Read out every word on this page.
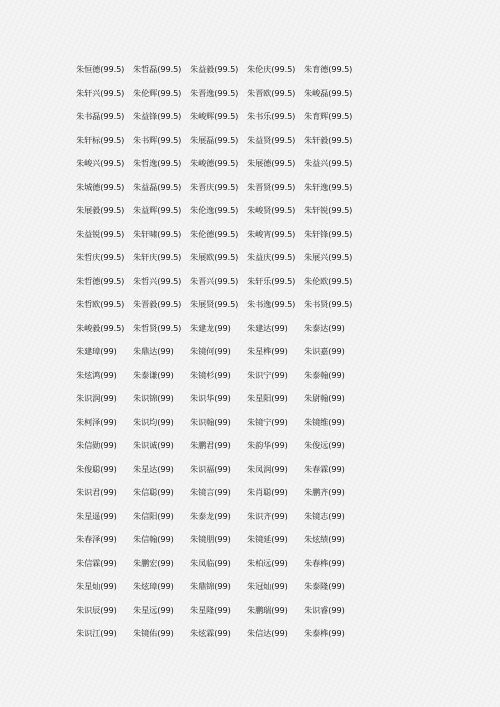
朱恒德(99.5)	朱哲磊(99.5)	朱益毅(99.5)	朱伦庆(99.5)	朱育德(99.5)
朱轩兴(99.5)	朱伦辉(99.5)	朱晋逸(99.5)	朱晋欧(99.5)	朱峻磊(99.5)
朱书磊(99.5)	朱益锋(99.5)	朱峻辉(99.5)	朱书乐(99.5)	朱育辉(99.5)
朱轩标(99.5)	朱书辉(99.5)	朱展磊(99.5)	朱益贤(99.5)	朱轩毅(99.5)
朱峻兴(99.5)	朱哲逸(99.5)	朱峻德(99.5)	朱展德(99.5)	朱益兴(99.5)
朱城德(99.5)	朱益磊(99.5)	朱晋庆(99.5)	朱晋贤(99.5)	朱轩逸(99.5)
朱展毅(99.5)	朱益辉(99.5)	朱伦逸(99.5)	朱峻贤(99.5)	朱轩锐(99.5)
朱益锐(99.5)	朱轩啸(99.5)	朱伦德(99.5)	朱峻宵(99.5)	朱轩锋(99.5)
朱哲庆(99.5)	朱轩庆(99.5)	朱展欧(99.5)	朱益庆(99.5)	朱展兴(99.5)
朱哲德(99.5)	朱哲兴(99.5)	朱晋兴(99.5)	朱轩乐(99.5)	朱伦欧(99.5)
朱哲欧(99.5)	朱晋毅(99.5)	朱展贤(99.5)	朱书逸(99.5)	朱书贤(99.5)
朱峻毅(99.5)	朱哲贤(99.5)	朱建龙(99)	朱建达(99)	朱泰达(99)
朱建璋(99)	朱鼎达(99)	朱镜何(99)	朱星桦(99)	朱识嘉(99)
朱炫鸿(99)	朱泰谦(99)	朱镜杉(99)	朱识宁(99)	朱泰翰(99)
朱识润(99)	朱识锦(99)	朱识华(99)	朱星阳(99)	朱尉翰(99)
朱柯泽(99)	朱识均(99)	朱识翰(99)	朱镜宁(99)	朱镜维(99)
朱信勋(99)	朱识诚(99)	朱鹏君(99)	朱韵华(99)	朱俊远(99)
朱俊聪(99)	朱星达(99)	朱识福(99)	朱凤润(99)	朱春霖(99)
朱识君(99)	朱信聪(99)	朱镜言(99)	朱肖聪(99)	朱鹏齐(99)
朱星遥(99)	朱信阳(99)	朱泰龙(99)	朱识齐(99)	朱镜志(99)
朱春泽(99)	朱信翰(99)	朱镜朋(99)	朱镜延(99)	朱炫绩(99)
朱信霖(99)	朱鹏宏(99)	朱凤临(99)	朱柏远(99)	朱春桦(99)
朱星灿(99)	朱炫璋(99)	朱鼎锦(99)	朱冠灿(99)	朱泰隆(99)
朱识辰(99)	朱星远(99)	朱星隆(99)	朱鹏瑞(99)	朱识睿(99)
朱识江(99)	朱镜佑(99)	朱炫霖(99)	朱信达(99)	朱泰桦(99)
